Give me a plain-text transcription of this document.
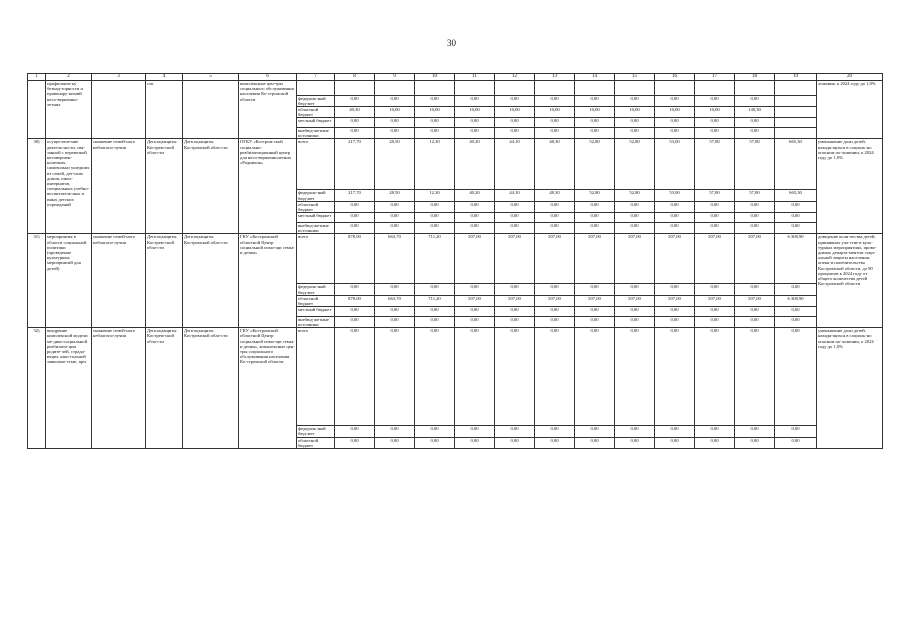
30
1	2	3	4	5	6	7	8	9	10	11	12	13	14	15	16	17	18	19	20
	профилакти-ку безнад-зорности и правонару-шений несо-вершенно-летних		сти		комплексные цен-тры социального обслуживания населения Ко-стромской области														ложения, к 2024 году до 1,0%
						федераль-ный бюд-жет	0,00	0,00	0,00	0,00	0,00	0,00	0,00	0,00	0,00	0,00	0,00		
						областной бюджет	49,30	10,00	10,00	10,00	10,00	10,00	10,00	10,00	10,00	10,00	149,30		
						местный бюджет	0,00	0,00	0,00	0,00	0,00	0,00	0,00	0,00	0,00	0,00	0,00		
						внебюд-жетные источники	0,00	0,00	0,00	0,00	0,00	0,00	0,00	0,00	0,00	0,00	0,00		
30)	осуществле-ние деятель-ности, свя-занной с перевозкой несовершен-нолетних, самовольно ушедших из семей, дет-ских домов, школ-интернатов, специальных учебно-воспитатель-ных и иных детских учреждений	снижение семей-ного неблагопо-лучия	Депсоцзащиты Кострем-ской обла-сти	Депсоцзащиты Костромской обла-сти	ОГКУ «Костром-ской социально-реабилитационный центр для несо-вершеннолетних «Родничок»	всего	217,70	28,50	12,30	40,20	44,10	48,30	52,80	52,80	53,00	57,80	57,80	665,30	уменьшение доли детей, находя-щихся в социаль-но опасном по-ложении, к 2024 году до 1,0%
						федераль-ный бюд-жет	217,70	28,50	12,30	40,20	44,10	48,30	52,80	52,80	53,00	57,80	57,80	665,30	
						областной бюджет	0,00	0,00	0,00	0,00	0,00	0,00	0,00	0,00	0,00	0,00	0,00	0,00	
						местный бюджет	0,00	0,00	0,00	0,00	0,00	0,00	0,00	0,00	0,00	0,00	0,00	0,00	
						внебюд-жетные источники	0,00	0,00	0,00	0,00	0,00	0,00	0,00	0,00	0,00	0,00	0,00	0,00	
31)	мероприятия в области социальной политики (проведение культурных мероприятий для детей)	снижение семей-ного неблагопо-лучия	Депсоцзащиты Кострем-ской обла-сти	Депсоцзащиты Костромской обла-сти	ГКУ «Костромской областной Центр социальной помо-щи семье и детям»	всего	878,00	663,70	711,20	507,00	507,00	507,00	507,00	507,00	507,00	507,00	507,00	6 308,90	доведение коли-чества детей, принявших уча-стие в куль-турных мероприятиях, прово-димых департа-ментом соци-альной защиты населения, опеки и попечительства Костромской области, до 90 процентов к 2024 году от общего количества детей Костромской области
						федераль-ный бюд-жет	0,00	0,00	0,00	0,00	0,00	0,00	0,00	0,00	0,00	0,00	0,00	0,00	
						областной бюджет	878,00	663,70	711,20	507,00	507,00	507,00	507,00	507,00	507,00	507,00	507,00	6 308,90	
						местный бюджет	0,00	0,00	0,00	0,00	0,00	0,00	0,00	0,00	0,00	0,00	0,00	0,00	
						внебюд-жетные источники	0,00	0,00	0,00	0,00	0,00	0,00	0,00	0,00	0,00	0,00	0,00	0,00	
32)	внедрение комплексной модели ме-дико-социальной реабилита-ции родите-лей, страда-ющих алко-гольной зависимо-стью, при	снижение семей-ного неблагопо-лучия	Депсоцзащиты Кострем-ской обла-сти	Депсоцзащиты Костромской обла-сти	ГКУ «Костромской областной Центр социальной помо-щи семье и детям», комплексные цен-тры социального обслуживания населения Ко-стромской области	всего	0,00	0,00	0,00	0,00	0,00	0,00	0,00	0,00	0,00	0,00	0,00	0,00	уменьшение доли детей, находя-щихся в социаль-но опасном по-ложении, к 2024 году до 1,0%
						федераль-ный бюд-жет	0,00	0,00	0,00	0,00	0,00	0,00	0,00	0,00	0,00	0,00	0,00	0,00	
						областной бюджет	0,00	0,00	0,00	0,00	0,00	0,00	0,00	0,00	0,00	0,00	0,00	0,00	
